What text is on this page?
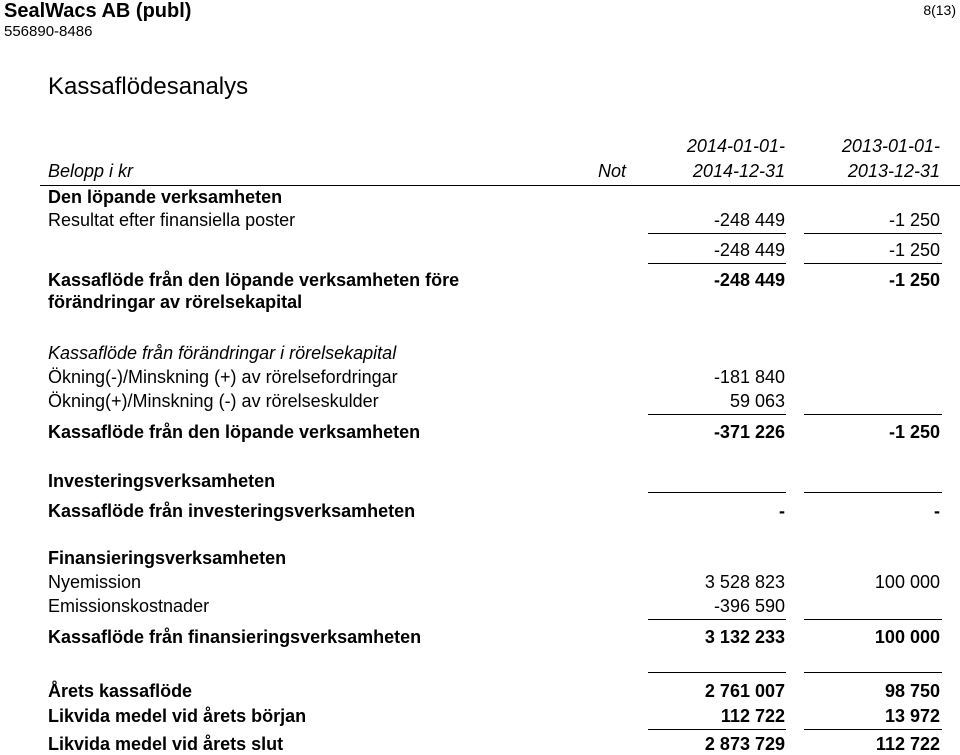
SealWacs AB (publ)
556890-8486
8(13)
Kassaflödesanalys
2014-01-01-	2013-01-01-
Belopp i kr	Not	2014-12-31	2013-12-31
Den löpande verksamheten
Resultat efter finansiella poster	-248 449	-1 250
-248 449	-1 250
Kassaflöde från den löpande verksamheten före
förändringar av rörelsekapital
-248 449	-1 250
Kassaflöde från förändringar i rörelsekapital
Ökning(-)/Minskning (+) av rörelsefordringar	-181 840
Ökning(+)/Minskning (-) av rörelseskulder	59 063
Kassaflöde från den löpande verksamheten	-371 226	-1 250
Investeringsverksamheten
Kassaflöde från investeringsverksamheten	-	-
Finansieringsverksamheten
Nyemission	3 528 823	100 000
Emissionskostnader	-396 590
Kassaflöde från finansieringsverksamheten	3 132 233	100 000
Årets kassaflöde	2 761 007	98 750
Likvida medel vid årets början	112 722	13 972
Likvida medel vid årets slut	2 873 729	112 722
